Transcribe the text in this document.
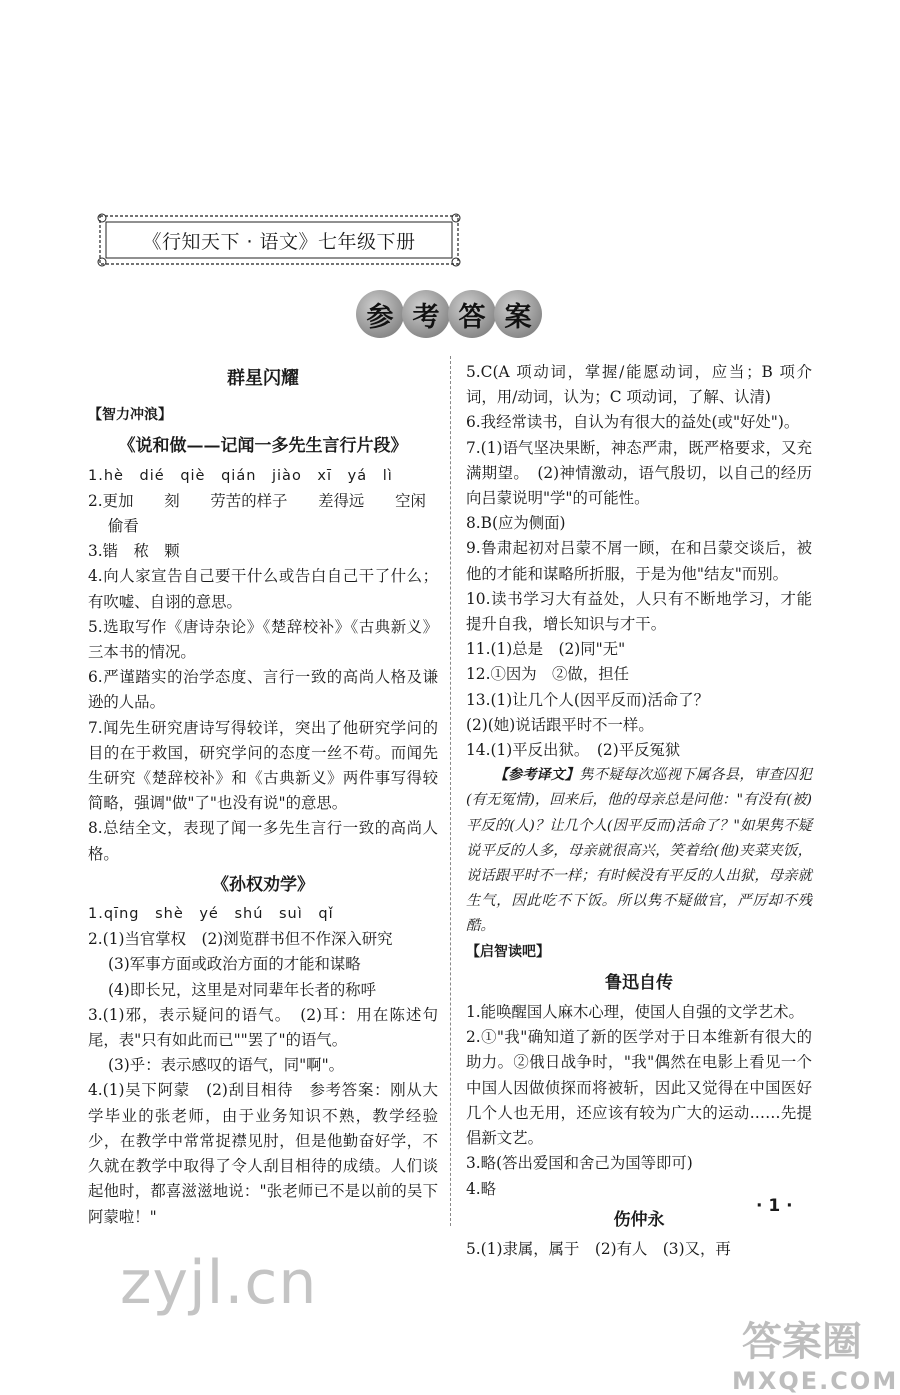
《行知天下 · 语文》七年级下册
参 考 答 案
群星闪耀
【智力冲浪】
《说和做——记闻一多先生言行片段》

1.hè dié qiè qián jiào xī yá lì

2.更加　　刻　　劳苦的样子　　差得远　　空闲

偷看

3.锴　秾　颗

4.向人家宣告自己要干什么或告白自己干了什么；有吹嘘、自诩的意思。

5.选取写作《唐诗杂论》《楚辞校补》《古典新义》三本书的情况。

6.严谨踏实的治学态度、言行一致的高尚人格及谦逊的人品。

7.闻先生研究唐诗写得较详，突出了他研究学问的目的在于救国，研究学问的态度一丝不苟。而闻先生研究《楚辞校补》和《古典新义》两件事写得较简略，强调"做"了"也没有说"的意思。

8.总结全文，表现了闻一多先生言行一致的高尚人格。

《孙权劝学》

1.qīng shè yé shú suì qǐ

2.(1)当官掌权　(2)浏览群书但不作深入研究

(3)军事方面或政治方面的才能和谋略

(4)即长兄，这里是对同辈年长者的称呼

3.(1)邪，表示疑问的语气。　(2)耳：用在陈述句尾，表"只有如此而已""罢了"的语气。

(3)乎：表示感叹的语气，同"啊"。

4.(1)吴下阿蒙　(2)刮目相待　参考答案：刚从大学毕业的张老师，由于业务知识不熟，教学经验少，在教学中常常捉襟见肘，但是他勤奋好学，不久就在教学中取得了令人刮目相待的成绩。人们谈起他时，都喜滋滋地说："张老师已不是以前的吴下阿蒙啦！"

5.C(A 项动词，掌握/能愿动词，应当；B 项介词，用/动词，认为；C 项动词，了解、认清)

6.我经常读书，自认为有很大的益处(或"好处")。

7.(1)语气坚决果断，神态严肃，既严格要求，又充满期望。　(2)神情激动，语气殷切，以自己的经历向吕蒙说明"学"的可能性。

8.B(应为侧面)

9.鲁肃起初对吕蒙不屑一顾，在和吕蒙交谈后，被他的才能和谋略所折服，于是为他"结友"而别。

10.读书学习大有益处，人只有不断地学习，才能提升自我，增长知识与才干。

11.(1)总是　(2)同"无"

12.①因为　②做，担任

13.(1)让几个人(因平反而)活命了？

(2)(她)说话跟平时不一样。

14.(1)平反出狱。　(2)平反冤狱

【参考译文】隽不疑每次巡视下属各县，审查囚犯(有无冤情)，回来后，他的母亲总是问他："有没有(被)平反的(人)？让几个人(因平反而)活命了？"如果隽不疑说平反的人多，母亲就很高兴，笑着给(他)夹菜夹饭，说话跟平时不一样；有时候没有平反的人出狱，母亲就生气，因此吃不下饭。所以隽不疑做官，严厉却不残酷。

【启智读吧】
鲁迅自传

1.能唤醒国人麻木心理，使国人自强的文学艺术。

2.①"我"确知道了新的医学对于日本维新有很大的助力。②俄日战争时，"我"偶然在电影上看见一个中国人因做侦探而将被斩，因此又觉得在中国医好几个人也无用，还应该有较为广大的运动……先提倡新文艺。

3.略(答出爱国和舍己为国等即可)

4.略

伤仲永

5.(1)隶属，属于　(2)有人　(3)又，再

· 1 ·
zyjl.cn
答案圈
MXQE.COM
